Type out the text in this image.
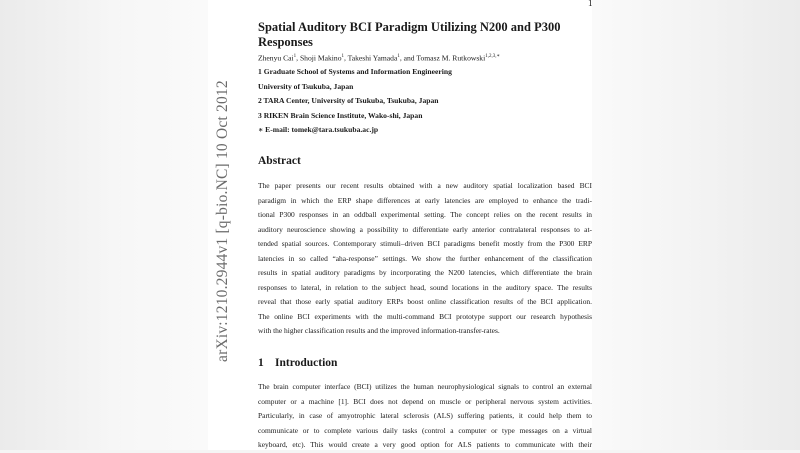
1
arXiv:1210.2944v1 [q-bio.NC] 10 Oct 2012
Spatial Auditory BCI Paradigm Utilizing N200 and P300
Responses
Zhenyu Cai$^1$, Shoji Makino$^1$, Takeshi Yamada$^1$, and Tomasz M. Rutkowski$^{1,2,3,∗}$
1 Graduate School of Systems and Information Engineering
University of Tsukuba, Japan
2 TARA Center, University of Tsukuba, Tsukuba, Japan
3 RIKEN Brain Science Institute, Wako-shi, Japan
∗ E-mail: tomek@tara.tsukuba.ac.jp
Abstract
The paper presents our recent results obtained with a new auditory spatial localization based BCI
paradigm in which the ERP shape differences at early latencies are employed to enhance the tradi-
tional P300 responses in an oddball experimental setting. The concept relies on the recent results in
auditory neuroscience showing a possibility to differentiate early anterior contralateral responses to at-
tended spatial sources. Contemporary stimuli–driven BCI paradigms benefit mostly from the P300 ERP
latencies in so called “aha-response” settings. We show the further enhancement of the classification
results in spatial auditory paradigms by incorporating the N200 latencies, which differentiate the brain
responses to lateral, in relation to the subject head, sound locations in the auditory space. The results
reveal that those early spatial auditory ERPs boost online classification results of the BCI application.
The online BCI experiments with the multi-command BCI prototype support our research hypothesis
with the higher classification results and the improved information-transfer-rates.
1 Introduction
The brain computer interface (BCI) utilizes the human neurophysiological signals to control an external
computer or a machine [1]. BCI does not depend on muscle or peripheral nervous system activities.
Particularly, in case of amyotrophic lateral sclerosis (ALS) suffering patients, it could help them to
communicate or to complete various daily tasks (control a computer or type messages on a virtual
keyboard, etc). This would create a very good option for ALS patients to communicate with their
